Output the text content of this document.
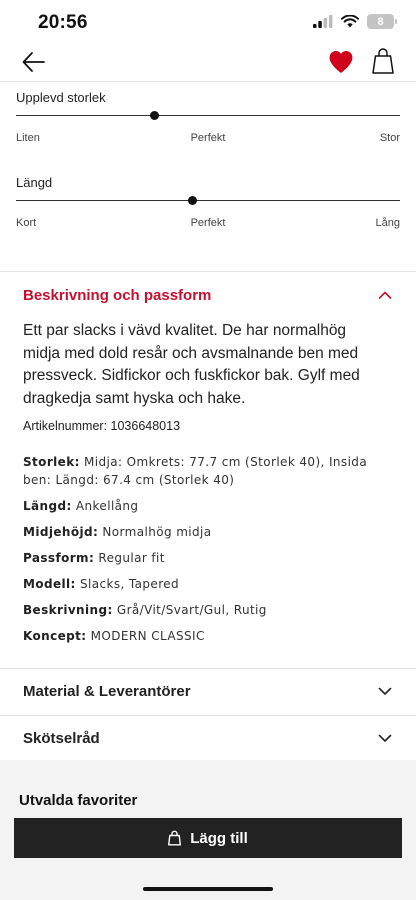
20:56	8
Upplevd storlek
Liten	Perfekt	Stor
Längd
Kort	Perfekt	Lång
Beskrivning och passform

Ett par slacks i vävd kvalitet. De har normalhög midja med dold resår och avsmalnande ben med pressveck. Sidfickor och fuskfickor bak. Gylf med dragkedja samt hyska och hake.

Artikelnummer: 1036648013
Storlek: Midja: Omkrets: 77.7 cm (Storlek 40), Insida ben: Längd: 67.4 cm (Storlek 40)
Längd: Ankellång
Midjehöjd: Normalhög midja
Passform: Regular fit
Modell: Slacks, Tapered
Beskrivning: Grå/Vit/Svart/Gul, Rutig
Koncept: MODERN CLASSIC
Material & Leverantörer
Skötselråd
Utvalda favoriter
Lägg till
